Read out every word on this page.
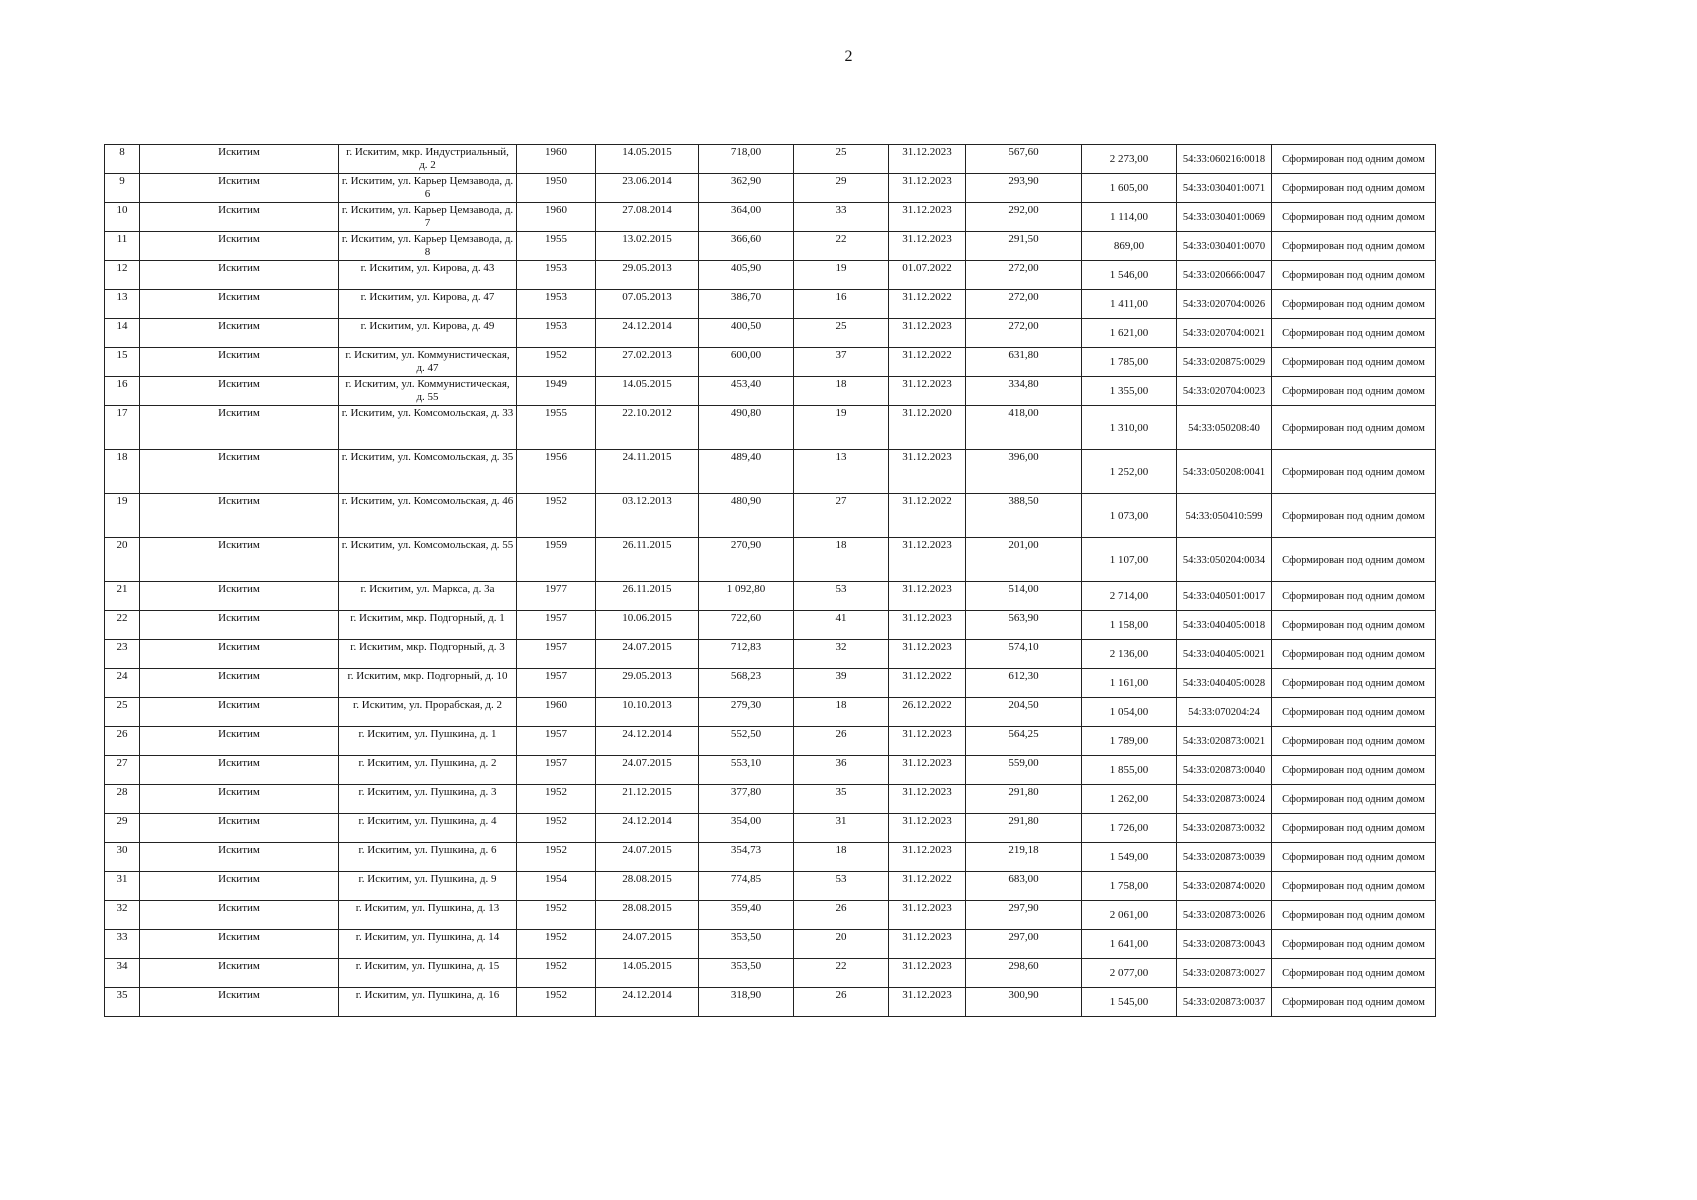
2
8	Искитим	г. Искитим, мкр. Индустриальный, д. 2	1960	14.05.2015	718,00	25	31.12.2023	567,60	2 273,00	54:33:060216:0018	Сформирован под одним домом
9	Искитим	г. Искитим, ул. Карьер Цемзавода, д. 6	1950	23.06.2014	362,90	29	31.12.2023	293,90	1 605,00	54:33:030401:0071	Сформирован под одним домом
10	Искитим	г. Искитим, ул. Карьер Цемзавода, д. 7	1960	27.08.2014	364,00	33	31.12.2023	292,00	1 114,00	54:33:030401:0069	Сформирован под одним домом
11	Искитим	г. Искитим, ул. Карьер Цемзавода, д. 8	1955	13.02.2015	366,60	22	31.12.2023	291,50	869,00	54:33:030401:0070	Сформирован под одним домом
12	Искитим	г. Искитим, ул. Кирова, д. 43	1953	29.05.2013	405,90	19	01.07.2022	272,00	1 546,00	54:33:020666:0047	Сформирован под одним домом
13	Искитим	г. Искитим, ул. Кирова, д. 47	1953	07.05.2013	386,70	16	31.12.2022	272,00	1 411,00	54:33:020704:0026	Сформирован под одним домом
14	Искитим	г. Искитим, ул. Кирова, д. 49	1953	24.12.2014	400,50	25	31.12.2023	272,00	1 621,00	54:33:020704:0021	Сформирован под одним домом
15	Искитим	г. Искитим, ул. Коммунистическая, д. 47	1952	27.02.2013	600,00	37	31.12.2022	631,80	1 785,00	54:33:020875:0029	Сформирован под одним домом
16	Искитим	г. Искитим, ул. Коммунистическая, д. 55	1949	14.05.2015	453,40	18	31.12.2023	334,80	1 355,00	54:33:020704:0023	Сформирован под одним домом
17	Искитим	г. Искитим, ул. Комсомольская, д. 33	1955	22.10.2012	490,80	19	31.12.2020	418,00	1 310,00	54:33:050208:40	Сформирован под одним домом
18	Искитим	г. Искитим, ул. Комсомольская, д. 35	1956	24.11.2015	489,40	13	31.12.2023	396,00	1 252,00	54:33:050208:0041	Сформирован под одним домом
19	Искитим	г. Искитим, ул. Комсомольская, д. 46	1952	03.12.2013	480,90	27	31.12.2022	388,50	1 073,00	54:33:050410:599	Сформирован под одним домом
20	Искитим	г. Искитим, ул. Комсомольская, д. 55	1959	26.11.2015	270,90	18	31.12.2023	201,00	1 107,00	54:33:050204:0034	Сформирован под одним домом
21	Искитим	г. Искитим, ул. Маркса, д. 3а	1977	26.11.2015	1 092,80	53	31.12.2023	514,00	2 714,00	54:33:040501:0017	Сформирован под одним домом
22	Искитим	г. Искитим, мкр. Подгорный, д. 1	1957	10.06.2015	722,60	41	31.12.2023	563,90	1 158,00	54:33:040405:0018	Сформирован под одним домом
23	Искитим	г. Искитим, мкр. Подгорный, д. 3	1957	24.07.2015	712,83	32	31.12.2023	574,10	2 136,00	54:33:040405:0021	Сформирован под одним домом
24	Искитим	г. Искитим, мкр. Подгорный, д. 10	1957	29.05.2013	568,23	39	31.12.2022	612,30	1 161,00	54:33:040405:0028	Сформирован под одним домом
25	Искитим	г. Искитим, ул. Прорабская, д. 2	1960	10.10.2013	279,30	18	26.12.2022	204,50	1 054,00	54:33:070204:24	Сформирован под одним домом
26	Искитим	г. Искитим, ул. Пушкина, д. 1	1957	24.12.2014	552,50	26	31.12.2023	564,25	1 789,00	54:33:020873:0021	Сформирован под одним домом
27	Искитим	г. Искитим, ул. Пушкина, д. 2	1957	24.07.2015	553,10	36	31.12.2023	559,00	1 855,00	54:33:020873:0040	Сформирован под одним домом
28	Искитим	г. Искитим, ул. Пушкина, д. 3	1952	21.12.2015	377,80	35	31.12.2023	291,80	1 262,00	54:33:020873:0024	Сформирован под одним домом
29	Искитим	г. Искитим, ул. Пушкина, д. 4	1952	24.12.2014	354,00	31	31.12.2023	291,80	1 726,00	54:33:020873:0032	Сформирован под одним домом
30	Искитим	г. Искитим, ул. Пушкина, д. 6	1952	24.07.2015	354,73	18	31.12.2023	219,18	1 549,00	54:33:020873:0039	Сформирован под одним домом
31	Искитим	г. Искитим, ул. Пушкина, д. 9	1954	28.08.2015	774,85	53	31.12.2022	683,00	1 758,00	54:33:020874:0020	Сформирован под одним домом
32	Искитим	г. Искитим, ул. Пушкина, д. 13	1952	28.08.2015	359,40	26	31.12.2023	297,90	2 061,00	54:33:020873:0026	Сформирован под одним домом
33	Искитим	г. Искитим, ул. Пушкина, д. 14	1952	24.07.2015	353,50	20	31.12.2023	297,00	1 641,00	54:33:020873:0043	Сформирован под одним домом
34	Искитим	г. Искитим, ул. Пушкина, д. 15	1952	14.05.2015	353,50	22	31.12.2023	298,60	2 077,00	54:33:020873:0027	Сформирован под одним домом
35	Искитим	г. Искитим, ул. Пушкина, д. 16	1952	24.12.2014	318,90	26	31.12.2023	300,90	1 545,00	54:33:020873:0037	Сформирован под одним домом
